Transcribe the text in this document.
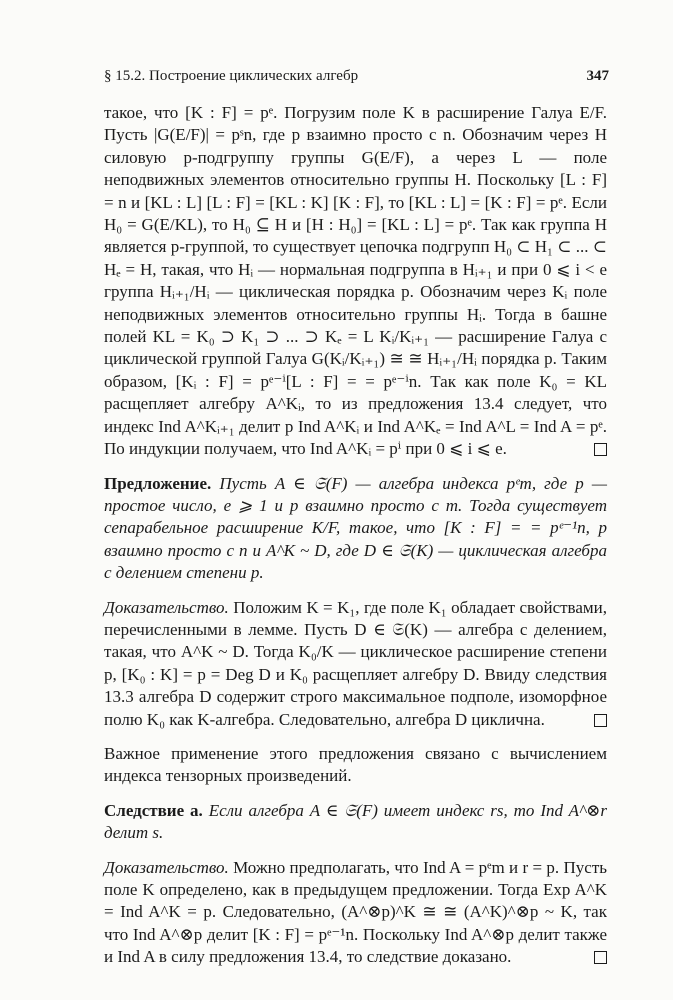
§ 15.2. Построение циклических алгебр	347

такое, что [K : F] = pᵉ. Погрузим поле K в расширение Галуа E/F. Пусть |G(E/F)| = pˢn, где p взаимно просто с n. Обозначим через H силовую p-подгруппу группы G(E/F), а через L — поле неподвижных элементов относительно группы H. Поскольку [L : F] = n и [KL : L] [L : F] = [KL : K] [K : F], то [KL : L] = [K : F] = pᵉ. Если H₀ = G(E/KL), то H₀ ⊆ H и [H : H₀] = [KL : L] = pᵉ. Так как группа H является p-группой, то существует цепочка подгрупп H₀ ⊂ H₁ ⊂ ... ⊂ Hₑ = H, такая, что Hᵢ — нормальная подгруппа в Hᵢ₊₁ и при 0 ⩽ i < e группа Hᵢ₊₁/Hᵢ — циклическая порядка p. Обозначим через Kᵢ поле неподвижных элементов относительно группы Hᵢ. Тогда в башне полей KL = K₀ ⊃ K₁ ⊃ ... ⊃ Kₑ = L Kᵢ/Kᵢ₊₁ — расширение Галуа с циклической группой Галуа G(Kᵢ/Kᵢ₊₁) ≅ ≅ Hᵢ₊₁/Hᵢ порядка p. Таким образом, [Kᵢ : F] = pᵉ⁻ⁱ[L : F] = = pᵉ⁻ⁱn. Так как поле K₀ = KL расщепляет алгебру A^Kᵢ, то из предложения 13.4 следует, что индекс Ind A^Kᵢ₊₁ делит p Ind A^Kᵢ и Ind A^Kₑ = Ind A^L = Ind A = pᵉ. По индукции получаем, что Ind A^Kᵢ = pⁱ при 0 ⩽ i ⩽ e.

Предложение. Пусть A ∈ 𝔖(F) — алгебра индекса pᵉm, где p — простое число, e ⩾ 1 и p взаимно просто с m. Тогда существует сепарабельное расширение K/F, такое, что [K : F] = = pᵉ⁻¹n, p взаимно просто с n и A^K ~ D, где D ∈ 𝔖(K) — циклическая алгебра с делением степени p.

Доказательство. Положим K = K₁, где поле K₁ обладает свойствами, перечисленными в лемме. Пусть D ∈ 𝔖(K) — алгебра с делением, такая, что A^K ~ D. Тогда K₀/K — циклическое расширение степени p, [K₀ : K] = p = Deg D и K₀ расщепляет алгебру D. Ввиду следствия 13.3 алгебра D содержит строго максимальное подполе, изоморфное полю K₀ как K-алгебра. Следовательно, алгебра D циклична.

Важное применение этого предложения связано с вычислением индекса тензорных произведений.

Следствие а. Если алгебра A ∈ 𝔖(F) имеет индекс rs, то Ind A^⊗r делит s.

Доказательство. Можно предполагать, что Ind A = pᵉm и r = p. Пусть поле K определено, как в предыдущем предложении. Тогда Exp A^K = Ind A^K = p. Следовательно, (A^⊗p)^K ≅ ≅ (A^K)^⊗p ~ K, так что Ind A^⊗p делит [K : F] = pᵉ⁻¹n. Поскольку Ind A^⊗p делит также и Ind A в силу предложения 13.4, то следствие доказано.
